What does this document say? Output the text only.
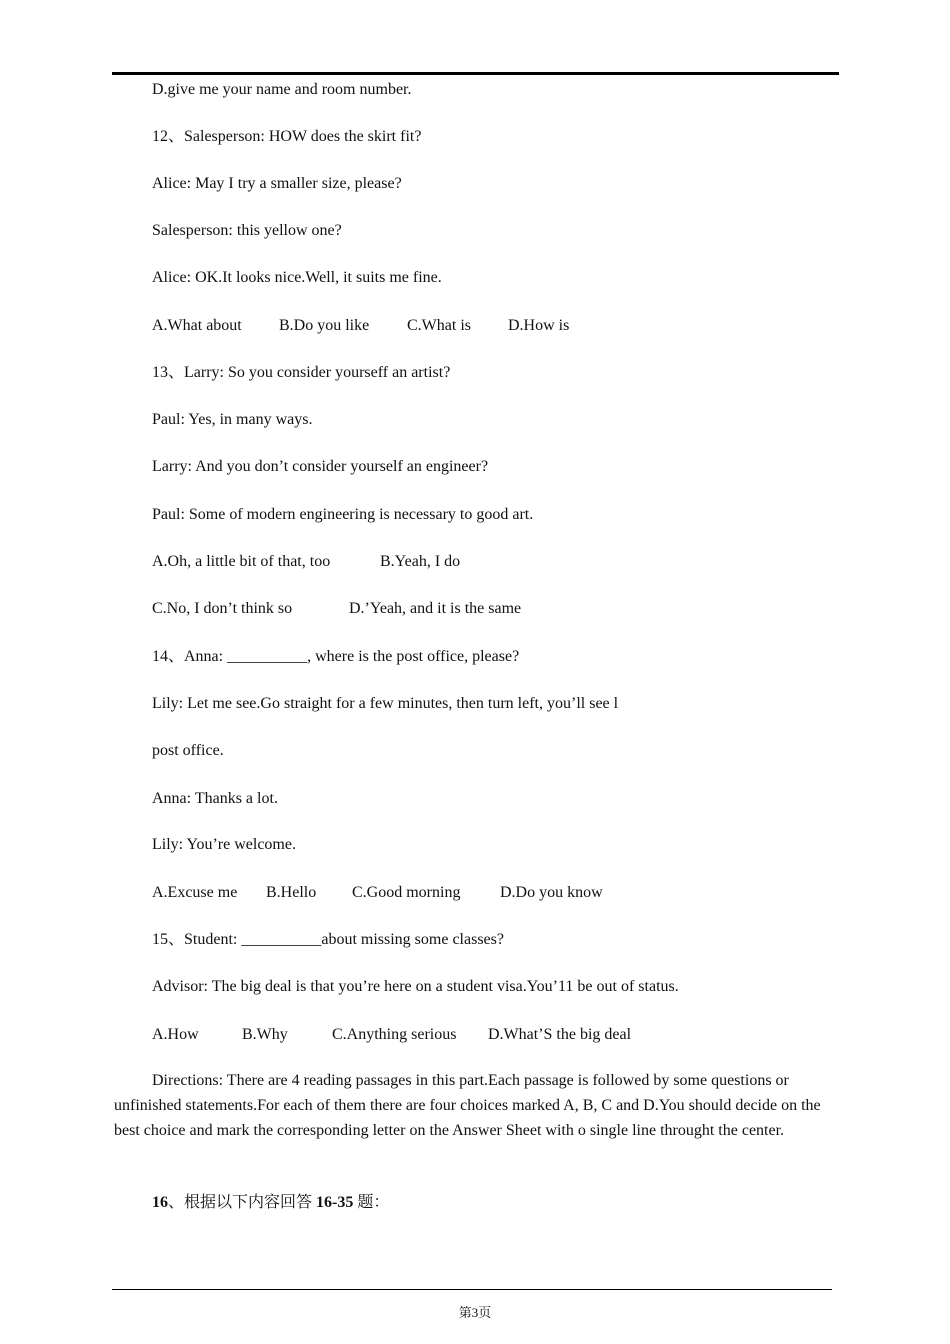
D.give me your name and room number.
12、Salesperson: HOW does the skirt fit?
Alice: May I try a smaller size, please?
Salesperson: this yellow one?
Alice: OK.It looks nice.Well, it suits me fine.
A.What about B.Do you like C.What is D.How is
13、Larry: So you consider yourseff an artist?
Paul: Yes, in many ways.
Larry: And you don’t consider yourself an engineer?
Paul: Some of modern engineering is necessary to good art.
A.Oh, a little bit of that, too	B.Yeah, I do
C.No, I don’t think so	D.’Yeah, and it is the same
14、Anna: __________, where is the post office, please?
Lily: Let me see.Go straight for a few minutes, then turn left, you’ll see l
post office.
Anna: Thanks a lot.
Lily: You’re welcome.
A.Excuse me B.Hello C.Good morning D.Do you know
15、Student: __________about missing some classes?
Advisor: The big deal is that you’re here on a student visa.You’11 be out of status.
A.How	B.Why	C.Anything serious D.What’S the big deal
Directions: There are 4 reading passages in this part.Each passage is followed by some questions or unfinished statements.For each of them there are four choices marked A, B, C and D.You should decide on the best choice and mark the corresponding letter on the Answer Sheet with o single line throught the center.
16、根据以下内容回答 16-35 题：
第3页
